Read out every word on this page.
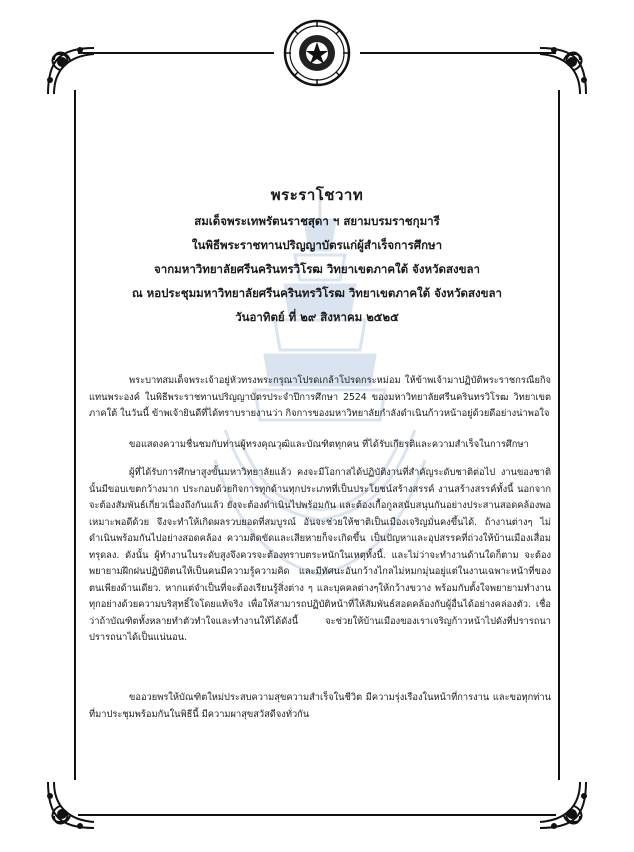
พระราโชวาท
สมเด็จพระเทพรัตนราชสุดา ฯ สยามบรมราชกุมารี
ในพิธีพระราชทานปริญญาบัตรแก่ผู้สำเร็จการศึกษา
จากมหาวิทยาลัยศรีนครินทรวิโรฒ วิทยาเขตภาคใต้ จังหวัดสงขลา
ณ หอประชุมมหาวิทยาลัยศรีนครินทรวิโรฒ วิทยาเขตภาคใต้ จังหวัดสงขลา
วันอาทิตย์ ที่ ๒๙ สิงหาคม ๒๕๒๕

พระบาทสมเด็จพระเจ้าอยู่หัวทรงพระกรุณาโปรดเกล้าโปรดกระหม่อม ให้ข้าพเจ้ามาปฏิบัติพระราชกรณียกิจแทนพระองค์ ในพิธีพระราชทานปริญญาบัตรประจำปีการศึกษา 2524 ของมหาวิทยาลัยศรีนครินทรวิโรฒ วิทยาเขตภาคใต้ ในวันนี้ ข้าพเจ้ายินดีที่ได้ทราบรายงานว่า กิจการของมหาวิทยาลัยกำลังดำเนินก้าวหน้าอยู่ด้วยดีอย่างน่าพอใจ

ขอแสดงความชื่นชมกับท่านผู้ทรงคุณวุฒิและบัณฑิตทุกคน ที่ได้รับเกียรติและความสำเร็จในการศึกษา

ผู้ที่ได้รับการศึกษาสูงขั้นมหาวิทยาลัยแล้ว คงจะมีโอกาสได้ปฏิบัติงานที่สำคัญระดับชาติต่อไป งานของชาตินั้นมีขอบเขตกว้างมาก ประกอบด้วยกิจการทุกด้านทุกประเภทที่เป็นประโยชน์สร้างสรรค์ งานสร้างสรรค์ทั้งนี้ นอกจากจะต้องสัมพันธ์เกี่ยวเนื่องถึงกันแล้ว ยังจะต้องดำเนินไปพร้อมกัน และต้องเกื้อกูลสนับสนุนกันอย่างประสานสอดคล้องพอเหมาะพอดีด้วย จึงจะทำให้เกิดผลรวบยอดที่สมบูรณ์ อันจะช่วยให้ชาติเป็นเมืองเจริญมั่นคงขึ้นได้. ถ้างานต่างๆ ไม่ดำเนินพร้อมกันไปอย่างสอดคล้อง ความติดขัดและเสียหายก็จะเกิดขึ้น เป็นปัญหาและอุปสรรคที่ถ่วงให้บ้านเมืองเสื่อมทรุดลง. ดังนั้น ผู้ทำงานในระดับสูงจึงควรจะต้องทราบตระหนักในเหตุทั้งนี้. และไม่ว่าจะทำงานด้านใดก็ตาม จะต้องพยายามฝึกฝนปฏิบัติตนให้เป็นคนมีความรู้ความคิด และมีทัศนะอันกว้างไกลไม่หมกมุ่นอยู่แต่ในงานเฉพาะหน้าที่ของตนเพียงด้านเดียว. หากแต่จำเป็นที่จะต้องเรียนรู้สิ่งต่าง ๆ และบุคคลต่างๆให้กว้างขวาง พร้อมกับตั้งใจพยายามทำงานทุกอย่างด้วยความบริสุทธิ์ใจโดยแท้จริง เพื่อให้สามารถปฏิบัติหน้าที่ให้สัมพันธ์สอดคล้องกับผู้อื่นได้อย่างคล่องตัว. เชื่อว่าถ้าบัณฑิตทั้งหลายทำตัวทำใจและทำงานให้ได้ดังนี้ จะช่วยให้บ้านเมืองของเราเจริญก้าวหน้าไปดังที่ปรารถนาปรารถนาได้เป็นแน่นอน.

ขออวยพรให้บัณฑิตใหม่ประสบความสุขความสำเร็จในชีวิต มีความรุ่งเรืองในหน้าที่การงาน และขอทุกท่านที่มาประชุมพร้อมกันในพิธีนี้ มีความผาสุขสวัสดีจงทั่วกัน
